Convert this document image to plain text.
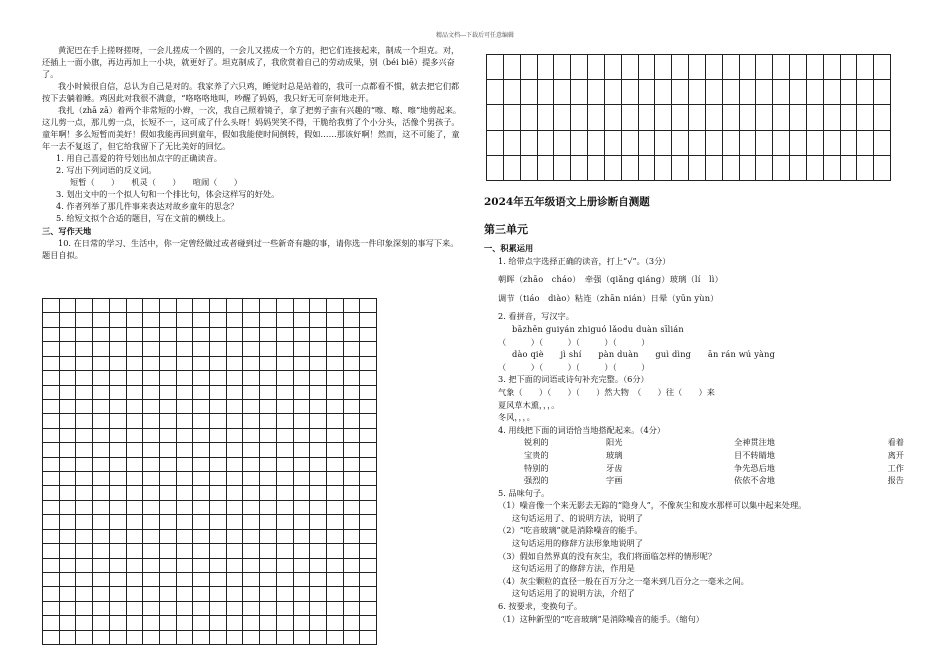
精品文档---下载后可任意编辑

黄泥巴在手上搓呀搓呀，一会儿搓成一个圆的，一会儿又搓成一个方的，把它们连接起来，制成一个坦克。对，还插上一面小旗，再边再加上一小块，就更好了。坦克制成了，我欣赏着自己的劳动成果，别（béi biē）提多兴奋了。

我小时候很自信，总认为自己是对的。我家养了六只鸡，睡觉时总是站着的，我可一点都看不惯，就去把它们都按下去躺着睡。鸡因此对我很不满意，“咯咯咯地叫，吵醒了妈妈，我只好无可奈何地走开。

我扎（zhā zā）着两个非常短的小辫，一次，我自己照着镜子，拿了把剪子蛮有兴趣的“嚓、嚓、嚓”地剪起来。这儿剪一点，那儿剪一点，长短不一，这可成了什么头呀！妈妈哭笑不得，干脆给我剪了个小分头，活像个男孩子。童年啊！多么短暂而美好！假如我能再回到童年，假如我能使时间倒转，假如……那该好啊！然而，这不可能了，童年一去不复返了，但它给我留下了无比美好的回忆。

1. 用自己喜爱的符号划出加点字的正确读音。

2. 写出下列词语的反义词。

短暂（　　）　　机灵（　　）　　喧闹（　　）

3. 划出文中的一个拟人句和一个排比句，体会这样写的好处。

4. 作者列举了那几件事来表达对故乡童年的思念？

5. 给短文拟个合适的题目，写在文前的横线上。

三、写作天地

10. 在日常的学习、生活中，你一定曾经做过或者碰到过一些新奇有趣的事，请你选一件印象深刻的事写下来。题目自拟。

2024年五年级语文上册诊断自测题
第三单元

一、积累运用

1. 给带点字选择正确的读音，打上“√”。（3分）

朝晖（zhāo　cháo）　牵强（qiǎng qiáng）玻璃（lí　lì）

调节（tiáo　diào）粘连（zhān nián）日晕（yūn yùn）

2. 看拼音，写汉字。

bāzhēn guiyán zhiguó lǎodu duàn sīlián

（　　　）（　　　）（　　　）（　　　）

dào qiè　　jì shí　　pàn duàn　　guì dìng　　ān rán wú yàng

（　　　）（　　　）（　　　）（　　　）

3. 把下面的词语或诗句补充完整。（6分）

气象（　　）（　　）（　　）然大物　（　　）往（　　）来

夏风草木熏，，，。

冬风，，，。

4. 用线把下面的词语恰当地搭配起来。（4分）

锐利的	阳光	全神贯注地	看着
宝贵的	玻璃	目不转睛地	离开
特别的	牙齿	争先恐后地	工作
强烈的	字画	依依不舍地	报告

5. 品味句子。

（1）噪音像一个来无影去无踪的“隐身人”，不像灰尘和废水那样可以集中起来处理。

这句话运用了、的说明方法，说明了

（2）“吃音玻璃”就是消除噪音的能手。

这句话运用的修辞方法形象地说明了

（3）假如自然界真的没有灰尘，我们将面临怎样的情形呢？

这句话运用了的修辞方法，作用是

（4）灰尘颗粒的直径一般在百万分之一毫米到几百分之一毫米之间。

这句话运用了的说明方法，介绍了

6. 按要求，变换句子。

（1）这种新型的“吃音玻璃”是消除噪音的能手。（缩句）
